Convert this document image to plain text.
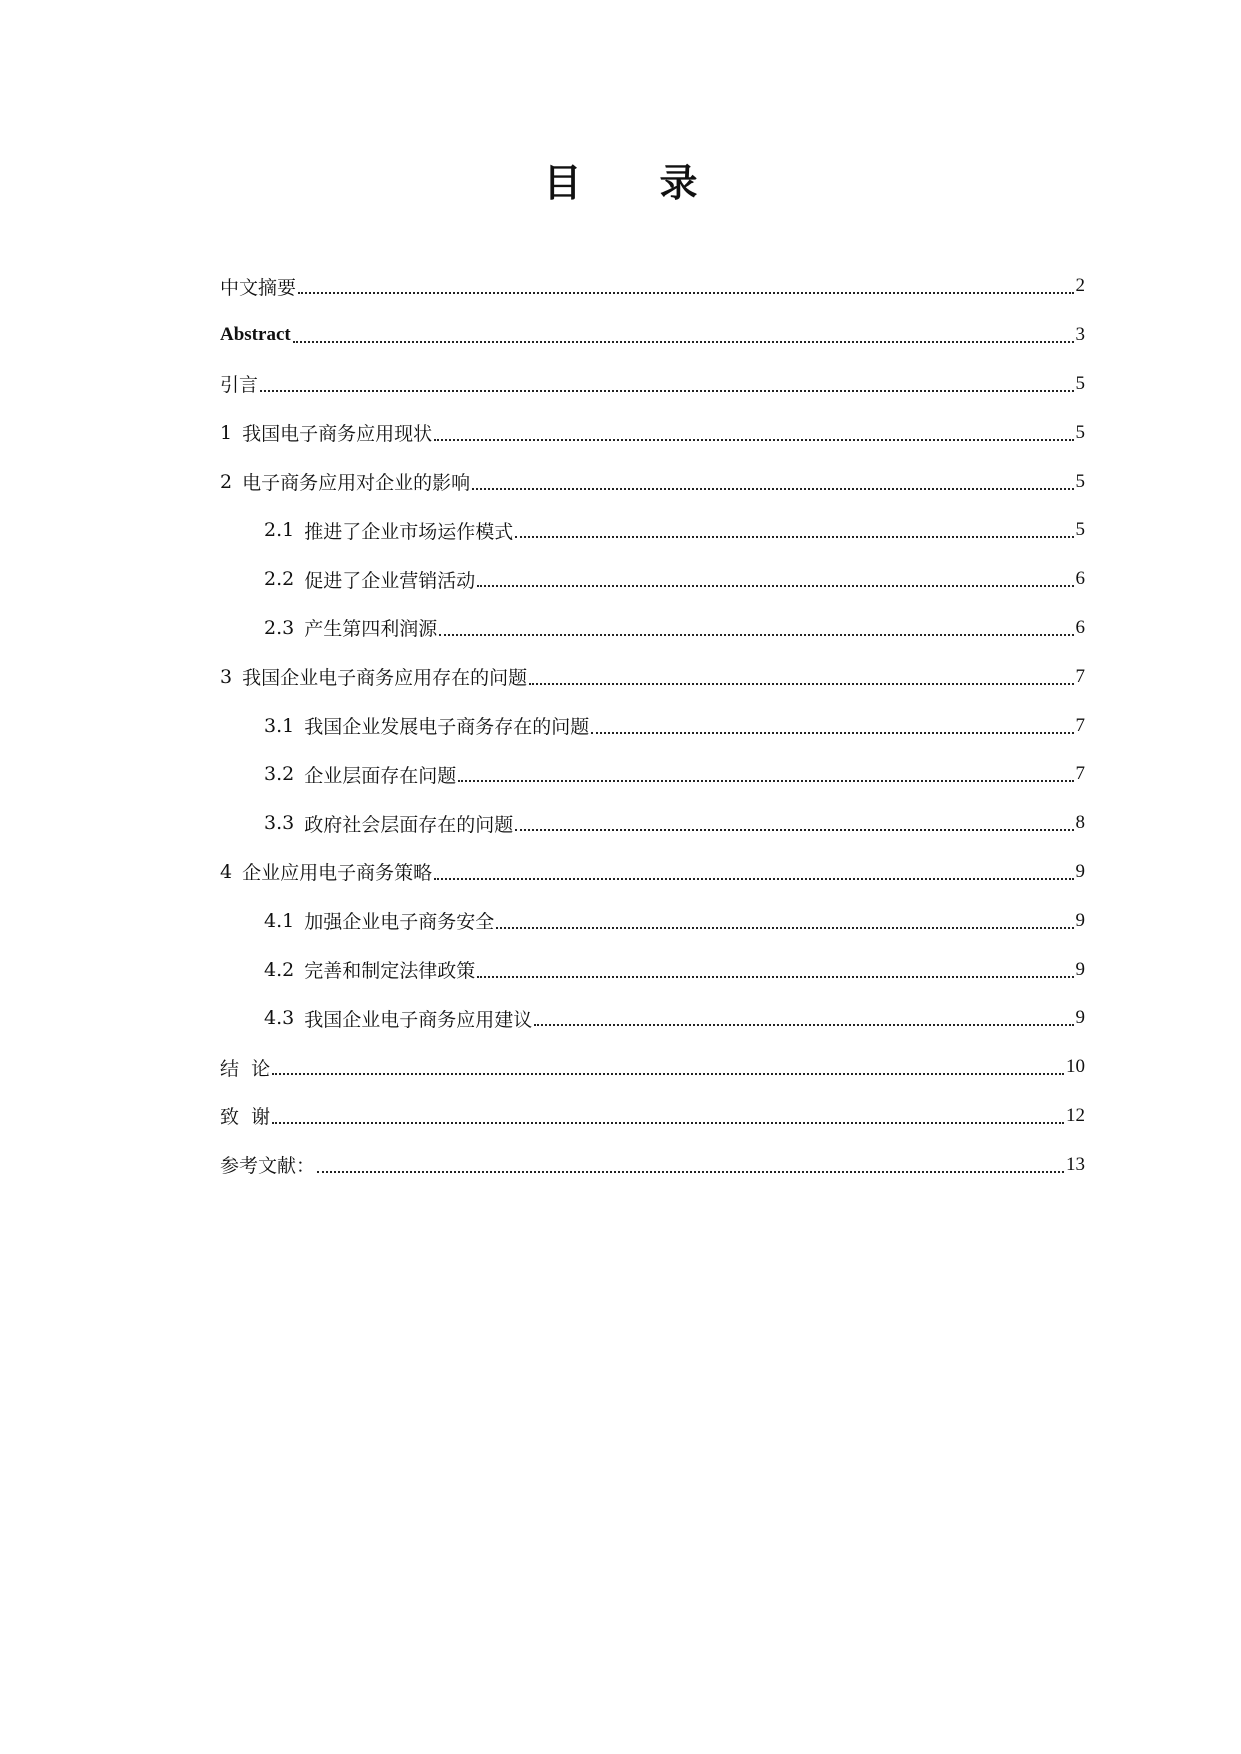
目 录
中文摘要	2
Abstract	3
引言	5
1 我国电子商务应用现状	5
2 电子商务应用对企业的影响	5
2.1 推进了企业市场运作模式	5
2.2 促进了企业营销活动	6
2.3 产生第四利润源	6
3 我国企业电子商务应用存在的问题	7
3.1 我国企业发展电子商务存在的问题	7
3.2 企业层面存在问题	7
3.3 政府社会层面存在的问题	8
4 企业应用电子商务策略	9
4.1 加强企业电子商务安全	9
4.2 完善和制定法律政策	9
4.3 我国企业电子商务应用建议	9
结  论	10
致  谢	12
参考文献：	13
